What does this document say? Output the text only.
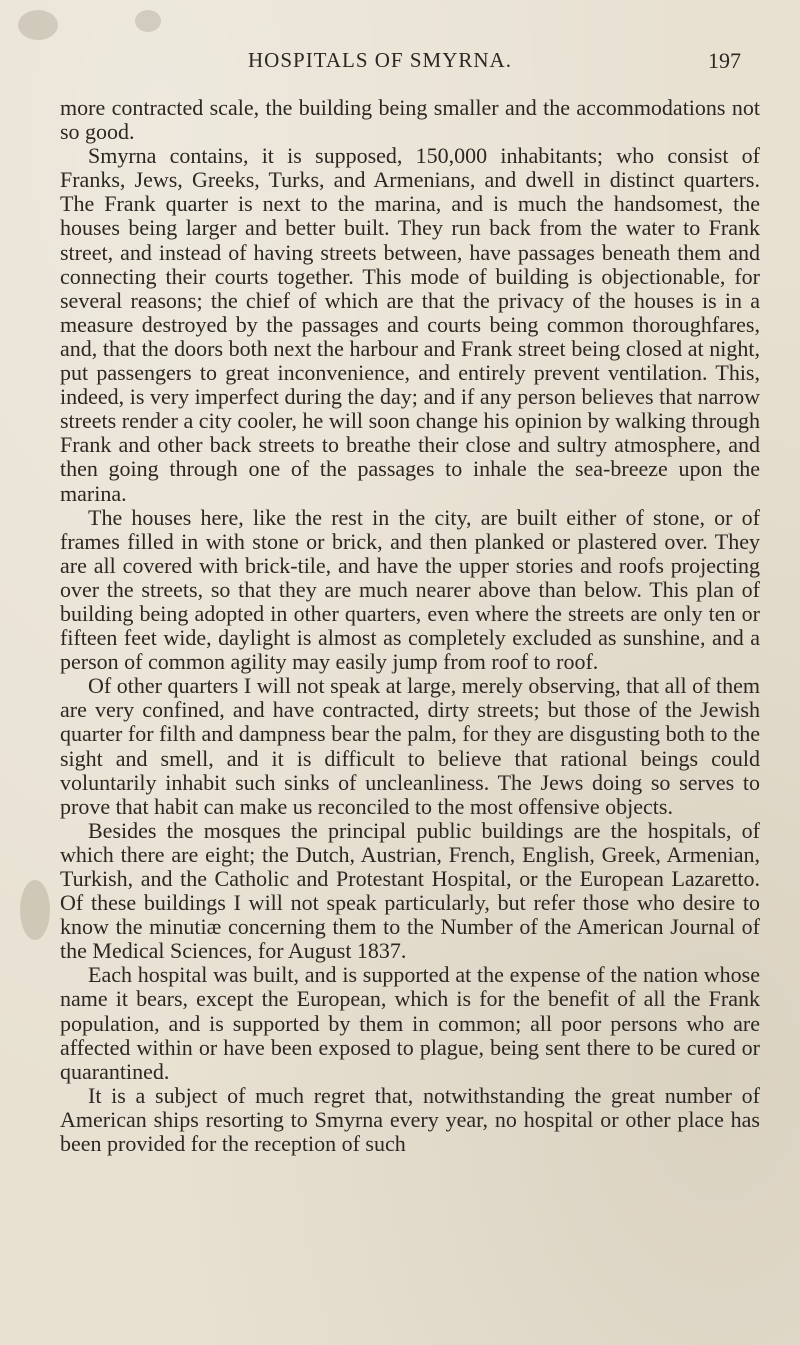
HOSPITALS OF SMYRNA.	197

more contracted scale, the building being smaller and the accommodations not so good.

Smyrna contains, it is supposed, 150,000 inhabitants; who consist of Franks, Jews, Greeks, Turks, and Armenians, and dwell in distinct quarters. The Frank quarter is next to the marina, and is much the handsomest, the houses being larger and better built. They run back from the water to Frank street, and instead of having streets between, have passages beneath them and connecting their courts together. This mode of building is objectionable, for several reasons; the chief of which are that the privacy of the houses is in a measure destroyed by the passages and courts being common thoroughfares, and, that the doors both next the harbour and Frank street being closed at night, put passengers to great inconvenience, and entirely prevent ventilation. This, indeed, is very imperfect during the day; and if any person believes that narrow streets render a city cooler, he will soon change his opinion by walking through Frank and other back streets to breathe their close and sultry atmosphere, and then going through one of the passages to inhale the sea-breeze upon the marina.

The houses here, like the rest in the city, are built either of stone, or of frames filled in with stone or brick, and then planked or plastered over. They are all covered with brick-tile, and have the upper stories and roofs projecting over the streets, so that they are much nearer above than below. This plan of building being adopted in other quarters, even where the streets are only ten or fifteen feet wide, daylight is almost as completely excluded as sunshine, and a person of common agility may easily jump from roof to roof.

Of other quarters I will not speak at large, merely observing, that all of them are very confined, and have contracted, dirty streets; but those of the Jewish quarter for filth and dampness bear the palm, for they are disgusting both to the sight and smell, and it is difficult to believe that rational beings could voluntarily inhabit such sinks of uncleanliness. The Jews doing so serves to prove that habit can make us reconciled to the most offensive objects.

Besides the mosques the principal public buildings are the hospitals, of which there are eight; the Dutch, Austrian, French, English, Greek, Armenian, Turkish, and the Catholic and Protestant Hospital, or the European Lazaretto. Of these buildings I will not speak particularly, but refer those who desire to know the minutiæ concerning them to the Number of the American Journal of the Medical Sciences, for August 1837.

Each hospital was built, and is supported at the expense of the nation whose name it bears, except the European, which is for the benefit of all the Frank population, and is supported by them in common; all poor persons who are affected within or have been exposed to plague, being sent there to be cured or quarantined.

It is a subject of much regret that, notwithstanding the great number of American ships resorting to Smyrna every year, no hospital or other place has been provided for the reception of such
